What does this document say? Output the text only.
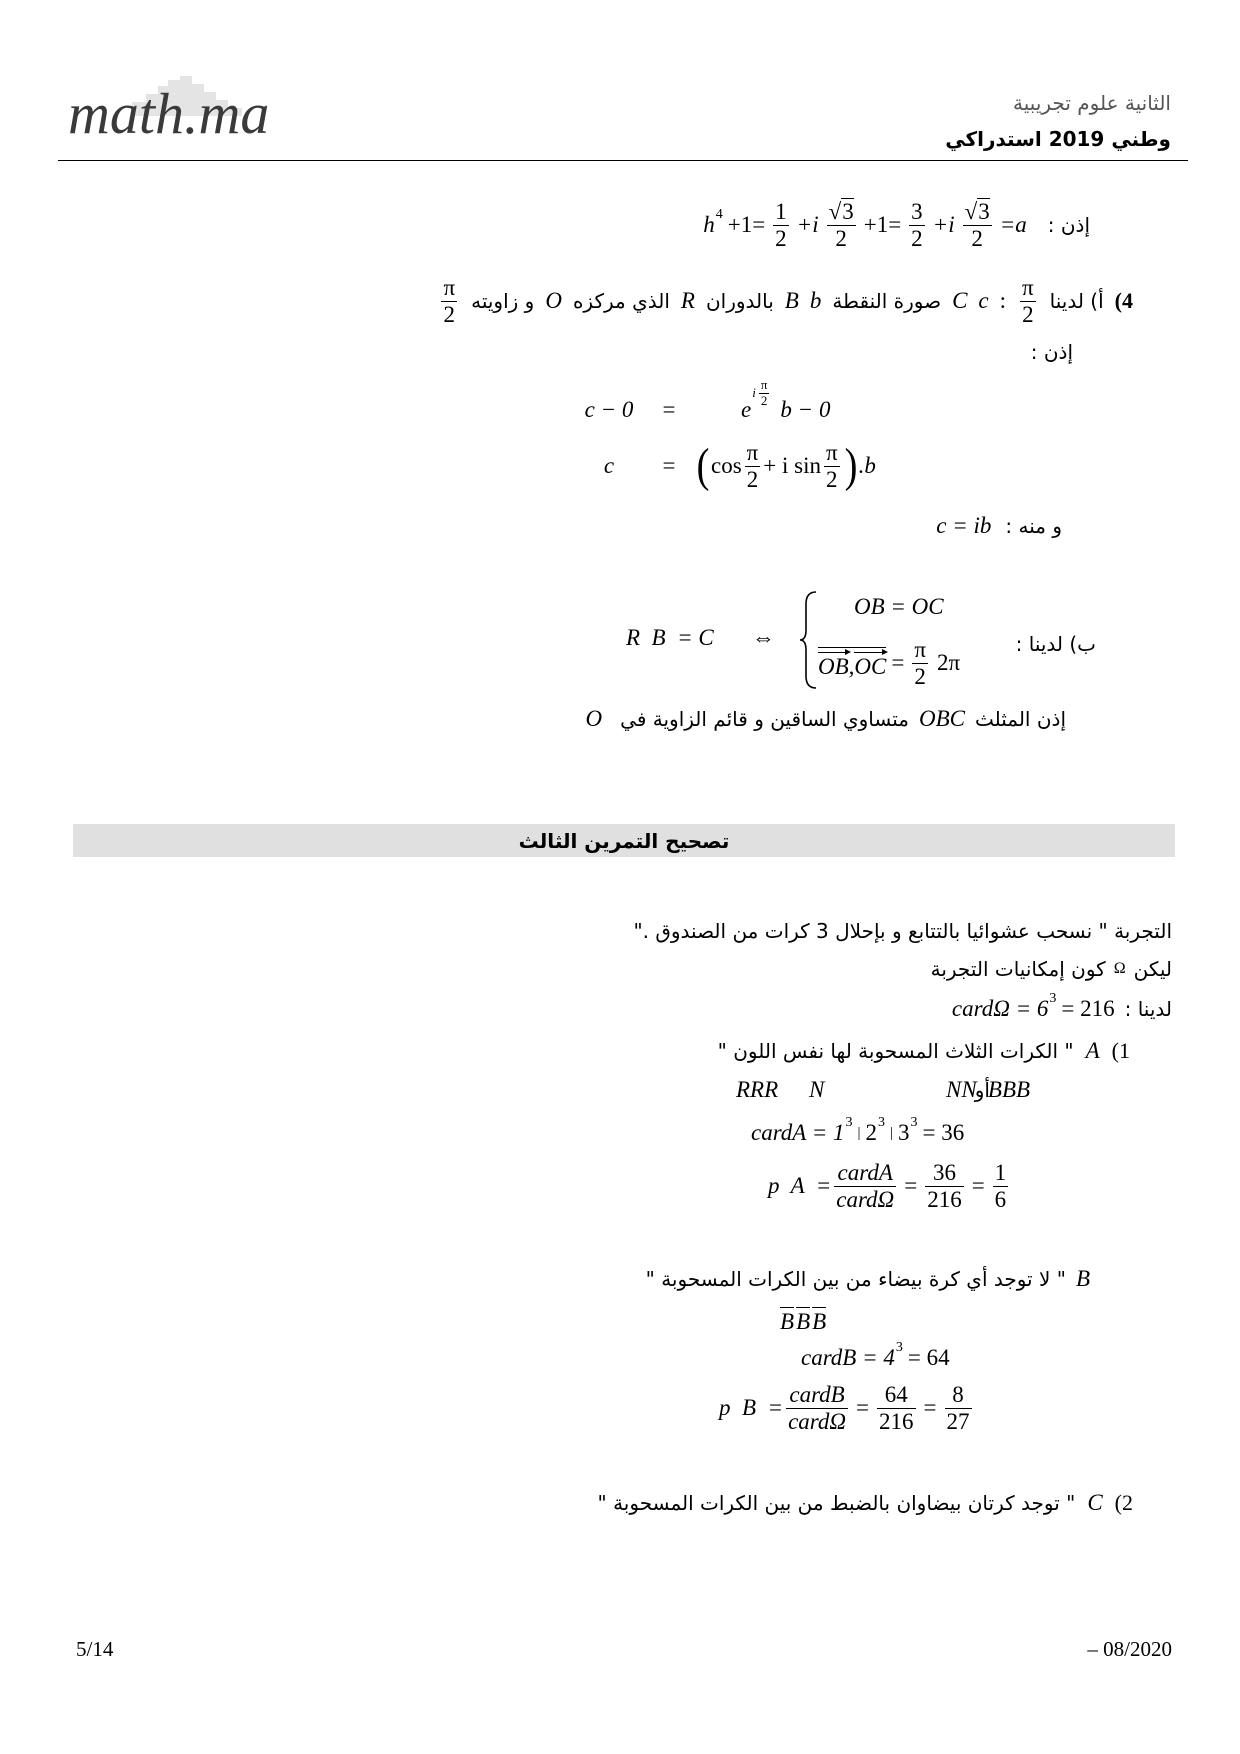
math.ma	الثانية علوم تجريبية
وطني 2019 استدراكي
إذن :
h $4 +1= \frac{1}{2} +i \frac{√3}{2} +1= \frac{3}{2} +i \frac{√3}{2} =a$
4)
أ) لدينا
$\frac{\pi}{2}$
:
c
C
صورة النقطة
b
B
بالدوران
R
الذي مركزه
O
و زاويته
$\frac{\pi}{2}$
إذن :
c − 0	=	e
i $\frac{\pi}{2}$
b − 0
c	= ( $\cos \frac{\pi}{2} + i$ $\sin \frac{\pi}{2}$ ) .b
و منه :
c = ib
ب) لدينا :
OB = OC
OB , OC = $\frac{\pi}{2} 2\pi$
⇔
R  B  = C
إذن المثلث
OBC
متساوي الساقين و قائم الزاوية في
O
تصحيح التمرين الثالث
التجربة " نسحب عشوائيا بالتتابع و بإحلال 3 كرات من الصندوق ."
ليكن
Ω
كون إمكانيات التجربة
لدينا :
cardΩ = 6 3 = 216
1)
A
" الكرات الثلاث المسحوبة لها نفس اللون "
RRR N	NN
أو
BBB
cardA = 1 3
| 2 3
| 3 3 = 36
p  $A = \frac{\text{cardA}}{\text{cardΩ}} = \frac{36}{216} = \frac{1}{6}$
B
" لا توجد أي كرة بيضاء من بين الكرات المسحوبة "
B B B
cardB = 4 3 = 64
p  $B = \frac{\text{cardB}}{\text{cardΩ}} = \frac{64}{216} = \frac{8}{27}$
2)
C
" توجد كرتان بيضاوان بالضبط من بين الكرات المسحوبة "
5/14	– 08/2020
